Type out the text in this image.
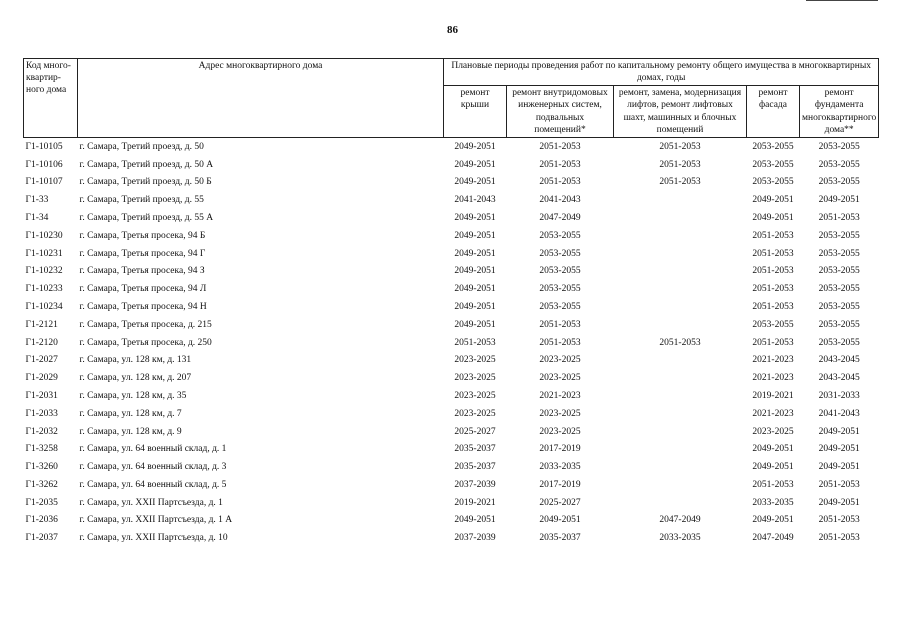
86
Код много-квартир-ного дома	Адрес многоквартирного дома	Плановые периоды проведения работ по капитальному ремонту общего имущества в многоквартирных домах, годы				
		ремонт крыши	ремонт внутридомовых инженерных систем, подвальных помещений*	ремонт, замена, модернизация лифтов, ремонт лифтовых шахт, машинных и блочных помещений	ремонт фасада	ремонт фундамента многоквартирного дома**
Г1-10105	г. Самара, Третий проезд, д. 50	2049-2051	2051-2053	2051-2053	2053-2055	2053-2055
Г1-10106	г. Самара, Третий проезд, д. 50 А	2049-2051	2051-2053	2051-2053	2053-2055	2053-2055
Г1-10107	г. Самара, Третий проезд, д. 50 Б	2049-2051	2051-2053	2051-2053	2053-2055	2053-2055
Г1-33	г. Самара, Третий проезд, д. 55	2041-2043	2041-2043		2049-2051	2049-2051
Г1-34	г. Самара, Третий проезд, д. 55 А	2049-2051	2047-2049		2049-2051	2051-2053
Г1-10230	г. Самара, Третья просека, 94 Б	2049-2051	2053-2055		2051-2053	2053-2055
Г1-10231	г. Самара, Третья просека, 94 Г	2049-2051	2053-2055		2051-2053	2053-2055
Г1-10232	г. Самара, Третья просека, 94 З	2049-2051	2053-2055		2051-2053	2053-2055
Г1-10233	г. Самара, Третья просека, 94 Л	2049-2051	2053-2055		2051-2053	2053-2055
Г1-10234	г. Самара, Третья просека, 94 Н	2049-2051	2053-2055		2051-2053	2053-2055
Г1-2121	г. Самара, Третья просека, д. 215	2049-2051	2051-2053		2053-2055	2053-2055
Г1-2120	г. Самара, Третья просека, д. 250	2051-2053	2051-2053	2051-2053	2051-2053	2053-2055
Г1-2027	г. Самара, ул. 128 км, д. 131	2023-2025	2023-2025		2021-2023	2043-2045
Г1-2029	г. Самара, ул. 128 км, д. 207	2023-2025	2023-2025		2021-2023	2043-2045
Г1-2031	г. Самара, ул. 128 км, д. 35	2023-2025	2021-2023		2019-2021	2031-2033
Г1-2033	г. Самара, ул. 128 км, д. 7	2023-2025	2023-2025		2021-2023	2041-2043
Г1-2032	г. Самара, ул. 128 км, д. 9	2025-2027	2023-2025		2023-2025	2049-2051
Г1-3258	г. Самара, ул. 64 военный склад, д. 1	2035-2037	2017-2019		2049-2051	2049-2051
Г1-3260	г. Самара, ул. 64 военный склад, д. 3	2035-2037	2033-2035		2049-2051	2049-2051
Г1-3262	г. Самара, ул. 64 военный склад, д. 5	2037-2039	2017-2019		2051-2053	2051-2053
Г1-2035	г. Самара, ул. XXII Партсъезда, д. 1	2019-2021	2025-2027		2033-2035	2049-2051
Г1-2036	г. Самара, ул. XXII Партсъезда, д. 1 А	2049-2051	2049-2051	2047-2049	2049-2051	2051-2053
Г1-2037	г. Самара, ул. XXII Партсъезда, д. 10	2037-2039	2035-2037	2033-2035	2047-2049	2051-2053
